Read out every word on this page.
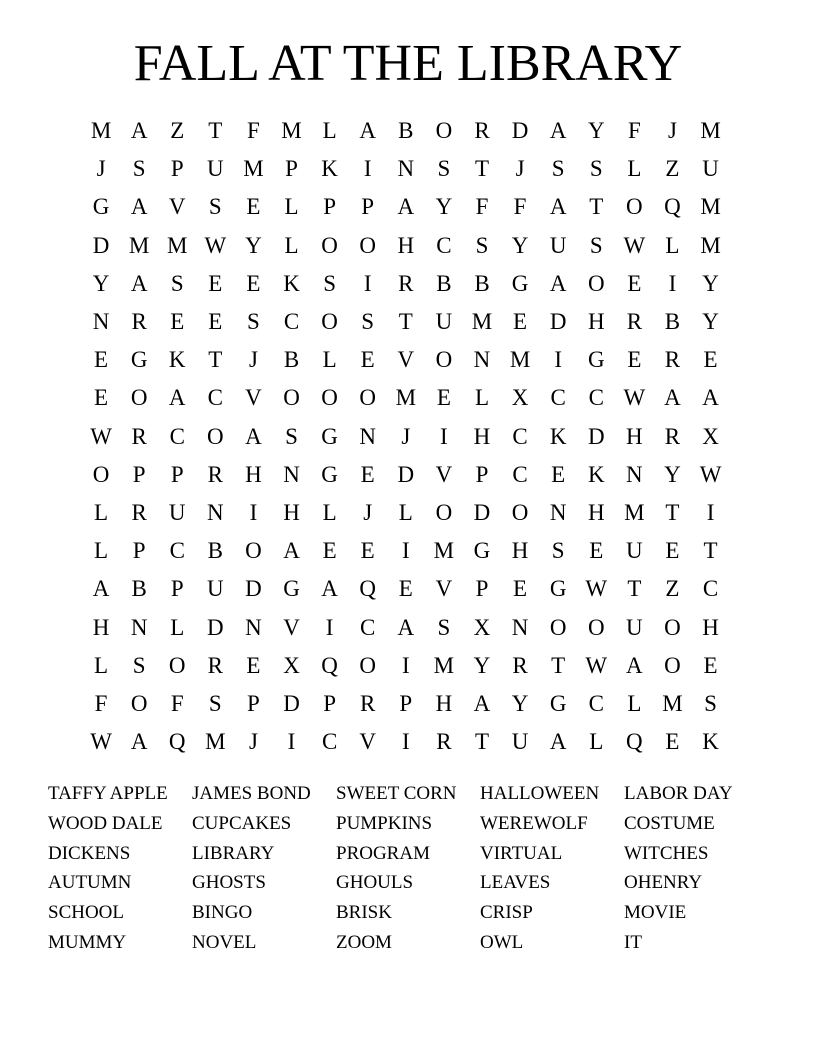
FALL AT THE LIBRARY
M A Z	T	F M L A B O R D A Y	F	J	M
J	S	P	U M P	K	I	N	S	T	J	S	S	L	Z U
G A V	S	E	L	P	P	A Y	F	F	A T O Q M
D M M W Y L O O H C	S	Y U	S W L M
Y A	S	E	E K	S	I	R B B G A O E	I	Y
N R	E	E	S	C O	S	T U M E D H R B Y
E G K T	J	B	L	E V O N M	I	G E	R	E
E O A C V O O O M E	L X C C W A A
W R C O A	S	G N	J	I	H C K D H R X
O	P	P	R H N G E D V	P	C	E K N Y W
L	R U N	I	H L	J	L O D O N H M T	I
L	P	C B O A E	E	I	M G H	S	E U E	T
A B	P	U D G A Q E V	P	E G W T	Z	C
H N L D N V	I	C A	S	X N O O U O H
L	S	O R	E X Q O	I	M Y R	T W A O E
F	O	F	S	P	D	P	R	P	H A Y G C	L M S
W A Q M	J	I	C V	I	R	T U A L Q E K
TAFFY APPLE	JAMES BOND	SWEET CORN	HALLOWEEN	LABOR DAY
WOOD DALE	CUPCAKES	PUMPKINS	WEREWOLF	COSTUME
DICKENS	LIBRARY	PROGRAM	VIRTUAL	WITCHES
AUTUMN	GHOSTS	GHOULS	LEAVES	OHENRY
SCHOOL	BINGO	BRISK	CRISP	MOVIE
MUMMY	NOVEL	ZOOM	OWL	IT
